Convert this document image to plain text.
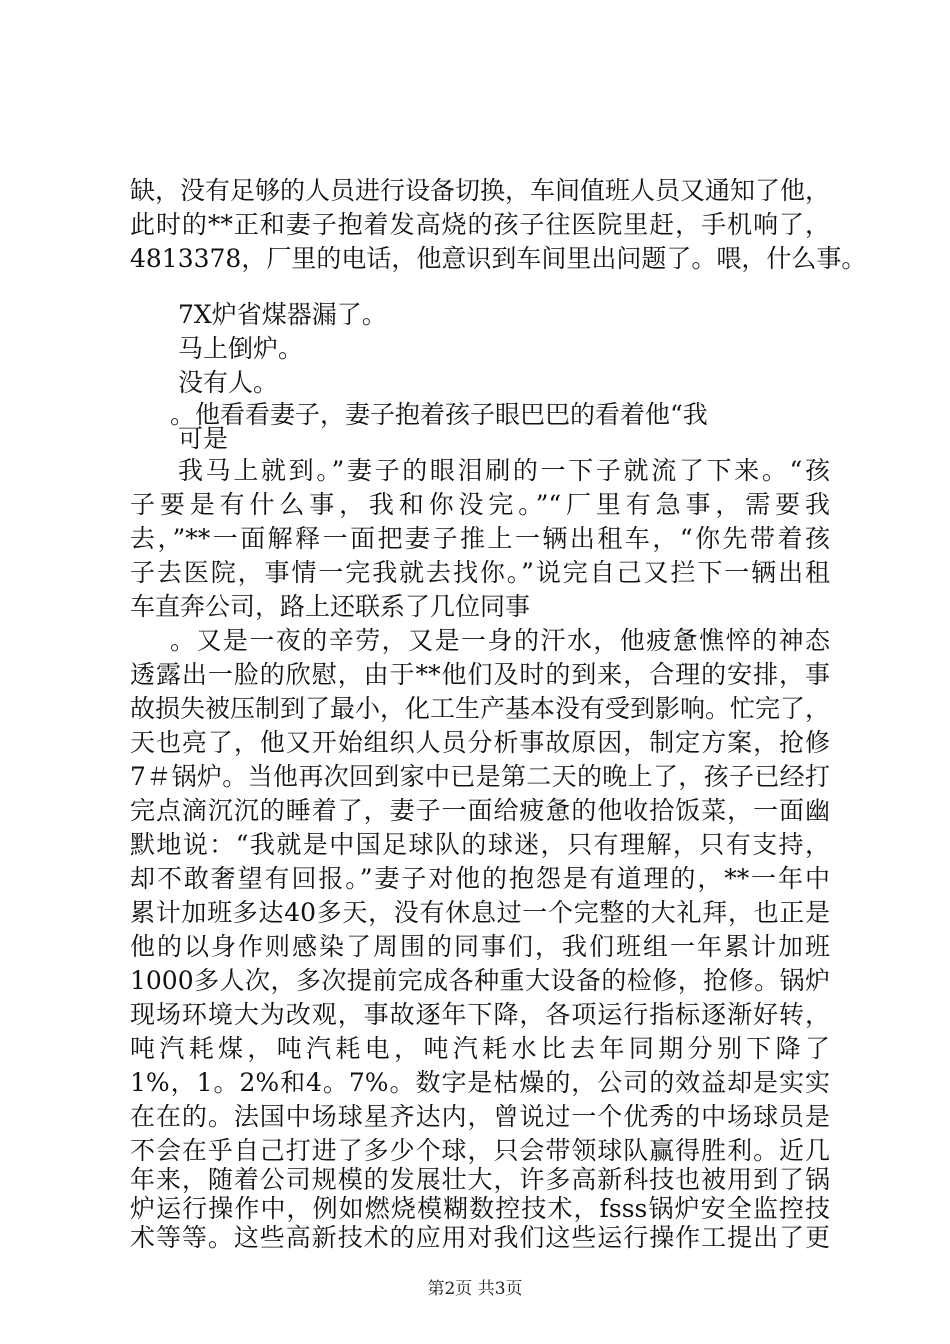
缺，没有足够的人员进行设备切换，车间值班人员又通知了他，
此时的**正和妻子抱着发高烧的孩子往医院里赶，手机响了，
4813378，厂里的电话，他意识到车间里出问题了。喂，什么事。
7X炉省煤器漏了。
马上倒炉。
没有人。
。他看看妻子，妻子抱着孩子眼巴巴的看着他“我
可是
我马上就到。”妻子的眼泪刷的一下子就流了下来。“孩
子要是有什么事，我和你没完。”“厂里有急事，需要我
去，”**一面解释一面把妻子推上一辆出租车，“你先带着孩
子去医院，事情一完我就去找你。”说完自己又拦下一辆出租
车直奔公司，路上还联系了几位同事
。又是一夜的辛劳，又是一身的汗水，他疲惫憔悴的神态
透露出一脸的欣慰，由于**他们及时的到来，合理的安排，事
故损失被压制到了最小，化工生产基本没有受到影响。忙完了，
天也亮了，他又开始组织人员分析事故原因，制定方案，抢修
7＃锅炉。当他再次回到家中已是第二天的晚上了，孩子已经打
完点滴沉沉的睡着了，妻子一面给疲惫的他收拾饭菜，一面幽
默地说：“我就是中国足球队的球迷，只有理解，只有支持，
却不敢奢望有回报。”妻子对他的抱怨是有道理的，**一年中
累计加班多达40多天，没有休息过一个完整的大礼拜，也正是
他的以身作则感染了周围的同事们，我们班组一年累计加班
1000多人次，多次提前完成各种重大设备的检修，抢修。锅炉
现场环境大为改观，事故逐年下降，各项运行指标逐渐好转，
吨汽耗煤，吨汽耗电，吨汽耗水比去年同期分别下降了
1%，1。2%和4。7%。数字是枯燥的，公司的效益却是实实
在在的。法国中场球星齐达内，曾说过一个优秀的中场球员是
不会在乎自己打进了多少个球，只会带领球队赢得胜利。近几
年来，随着公司规模的发展壮大，许多高新科技也被用到了锅
炉运行操作中，例如燃烧模糊数控技术，fsss锅炉安全监控技
第2页 共3页
术等等。这些高新技术的应用对我们这些运行操作工提出了更
